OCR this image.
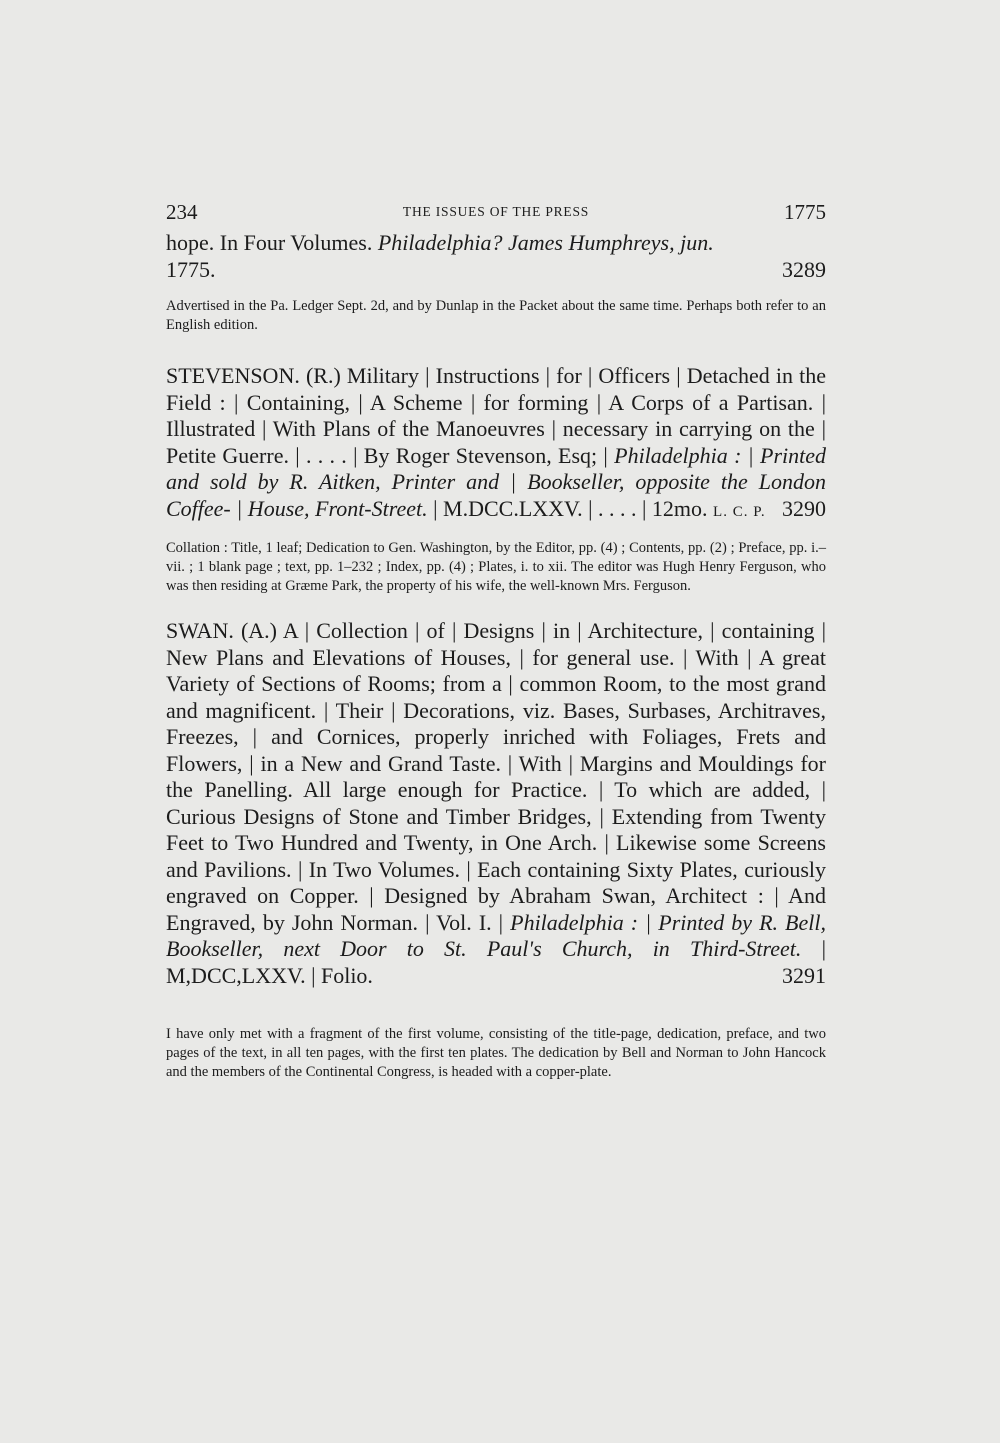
234	THE ISSUES OF THE PRESS	1775

hope. In Four Volumes. Philadelphia? James Humphreys, jun.
1775.	3289

Advertised in the Pa. Ledger Sept. 2d, and by Dunlap in the Packet about the same time. Perhaps both refer to an English edition.

STEVENSON. (R.) Military | Instructions | for | Officers | Detached in the Field : | Containing, | A Scheme | for forming | A Corps of a Partisan. | Illustrated | With Plans of the Manoeuvres | necessary in carrying on the | Petite Guerre. | . . . . | By Roger Stevenson, Esq; | Philadelphia : | Printed and sold by R. Aitken, Printer and | Bookseller, opposite the London Coffee- | House, Front-Street. | M.DCC.LXXV. | . . . . | 12mo. L. C. P. 3290

Collation : Title, 1 leaf; Dedication to Gen. Washington, by the Editor, pp. (4) ; Contents, pp. (2) ; Preface, pp. i.–vii. ; 1 blank page ; text, pp. 1–232 ; Index, pp. (4) ; Plates, i. to xii. The editor was Hugh Henry Ferguson, who was then residing at Græme Park, the property of his wife, the well-known Mrs. Ferguson.

SWAN. (A.) A | Collection | of | Designs | in | Architecture, | containing | New Plans and Elevations of Houses, | for general use. | With | A great Variety of Sections of Rooms; from a | common Room, to the most grand and magnificent. | Their | Decorations, viz. Bases, Surbases, Architraves, Freezes, | and Cornices, properly inriched with Foliages, Frets and Flowers, | in a New and Grand Taste. | With | Margins and Mouldings for the Panelling. All large enough for Practice. | To which are added, | Curious Designs of Stone and Timber Bridges, | Extending from Twenty Feet to Two Hundred and Twenty, in One Arch. | Likewise some Screens and Pavilions. | In Two Volumes. | Each containing Sixty Plates, curiously engraved on Copper. | Designed by Abraham Swan, Architect : | And Engraved, by John Norman. | Vol. I. | Philadelphia : | Printed by R. Bell, Bookseller, next Door to St. Paul's Church, in Third-Street. | M,DCC,LXXV. | Folio.	3291

I have only met with a fragment of the first volume, consisting of the title-page, dedication, preface, and two pages of the text, in all ten pages, with the first ten plates. The dedication by Bell and Norman to John Hancock and the members of the Continental Congress, is headed with a copper-plate.
